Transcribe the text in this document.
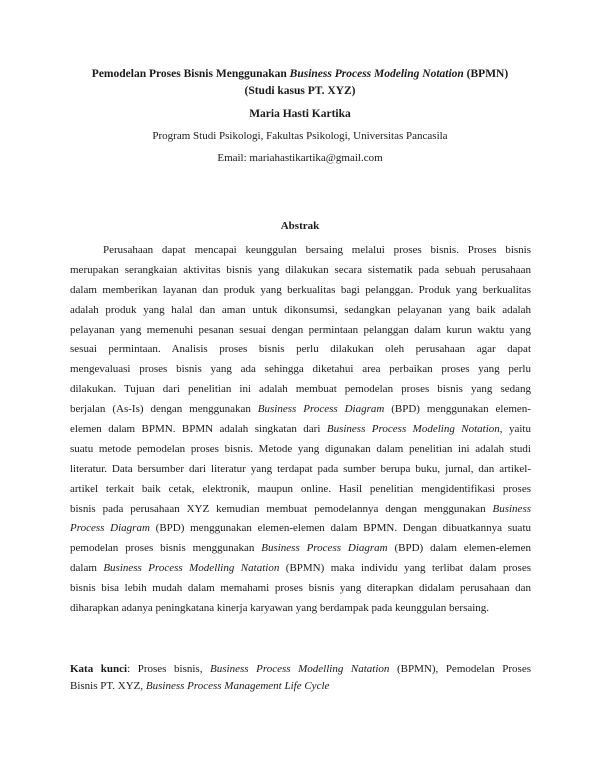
Pemodelan Proses Bisnis Menggunakan Business Process Modeling Notation (BPMN)
(Studi kasus PT. XYZ)
Maria Hasti Kartika
Program Studi Psikologi, Fakultas Psikologi, Universitas Pancasila
Email: mariahastikartika@gmail.com
Abstrak
Perusahaan dapat mencapai keunggulan bersaing melalui proses bisnis. Proses bisnis
merupakan serangkaian aktivitas bisnis yang dilakukan secara sistematik pada sebuah perusahaan
dalam memberikan layanan dan produk yang berkualitas bagi pelanggan. Produk yang berkualitas
adalah produk yang halal dan aman untuk dikonsumsi, sedangkan pelayanan yang baik adalah
pelayanan yang memenuhi pesanan sesuai dengan permintaan pelanggan dalam kurun waktu yang
sesuai permintaan. Analisis proses bisnis perlu dilakukan oleh perusahaan agar dapat
mengevaluasi proses bisnis yang ada sehingga diketahui area perbaikan proses yang perlu
dilakukan. Tujuan dari penelitian ini adalah membuat pemodelan proses bisnis yang sedang
berjalan (As-Is) dengan menggunakan Business Process Diagram (BPD) menggunakan elemen-
elemen dalam BPMN. BPMN adalah singkatan dari Business Process Modeling Notation, yaitu
suatu metode pemodelan proses bisnis. Metode yang digunakan dalam penelitian ini adalah studi
literatur. Data bersumber dari literatur yang terdapat pada sumber berupa buku, jurnal, dan artikel-
artikel terkait baik cetak, elektronik, maupun online. Hasil penelitian mengidentifikasi proses
bisnis pada perusahaan XYZ kemudian membuat pemodelannya dengan menggunakan Business
Process Diagram (BPD) menggunakan elemen-elemen dalam BPMN. Dengan dibuatkannya suatu
pemodelan proses bisnis menggunakan Business Process Diagram (BPD) dalam elemen-elemen
dalam Business Process Modelling Natation (BPMN) maka individu yang terlibat dalam proses
bisnis bisa lebih mudah dalam memahami proses bisnis yang diterapkan didalam perusahaan dan
diharapkan adanya peningkatana kinerja karyawan yang berdampak pada keunggulan bersaing.
Kata kunci: Proses bisnis, Business Process Modelling Natation (BPMN), Pemodelan Proses
Bisnis PT. XYZ, Business Process Management Life Cycle
